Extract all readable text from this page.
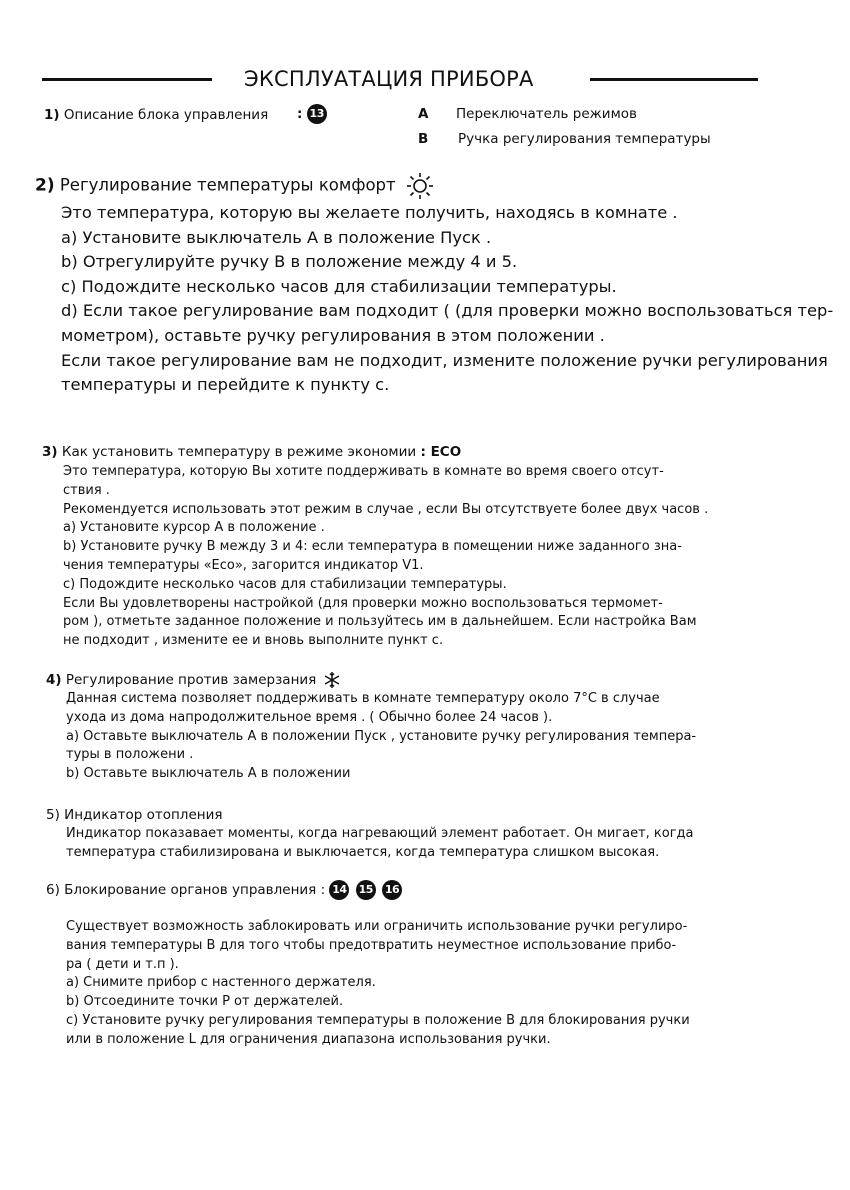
ЭКСПЛУАТАЦИЯ ПРИБОРА
1) Описание блока управления : 13	A Переключатель режимов
B Ручка регулирования температуры
2) Регулирование температуры комфорт
Это температура, которую вы желаете получить, находясь в комнате .
a) Установите выключатель A в положение Пуск .
b) Отрегулируйте ручку B в положение между 4 и 5.
c) Подождите несколько часов для стабилизации температуры.
d) Если такое регулирование вам подходит ( (для проверки можно воспользоваться тер-
мометром), оставьте ручку регулирования в этом положении .
Если такое регулирование вам не подходит, измените положение ручки регулирования
температуры и перейдите к пункту c.
3) Как установить температуру в режиме экономии : ECO
Это температура, которую Вы хотите поддерживать в комнате во время своего отсут-
ствия .
Рекомендуется использовать этот режим в случае , если Вы отсутствуете более двух часов .
a) Установите курсор A в положение .
b) Установите ручку B между 3 и 4: если температура в помещении ниже заданного зна-
чения температуры «Eco», загорится индикатор V1.
c) Подождите несколько часов для стабилизации температуры.
Если Вы удовлетворены настройкой (для проверки можно воспользоваться термомет-
ром ), отметьте заданное положение и пользуйтесь им в дальнейшем. Если настройка Вам
не подходит , измените ее и вновь выполните пункт c.
4) Регулирование против замерзания
Данная система позволяет поддерживать в комнате температуру около 7°C в случае
ухода из дома напродолжительное время . ( Обычно более 24 часов ).
a) Оставьте выключатель A в положении Пуск , установите ручку регулирования темпера-
туры в положени .
b) Оставьте выключатель A в положении
5) Индикатор отопления
Индикатор показавает моменты, когда нагревающий элемент работает. Он мигает, когда
температура стабилизирована и выключается, когда температура слишком высокая.
6) Блокирование органов управления : 14 15 16
Существует возможность заблокировать или ограничить использование ручки регулиро-
вания температуры B для того чтобы предотвратить неуместное использование прибо-
ра ( дети и т.п ).
a) Снимите прибор с настенного держателя.
b) Отсоедините точки P от держателей.
c) Установите ручку регулирования температуры в положение B для блокирования ручки
или в положение L для ограничения диапазона использования ручки.
